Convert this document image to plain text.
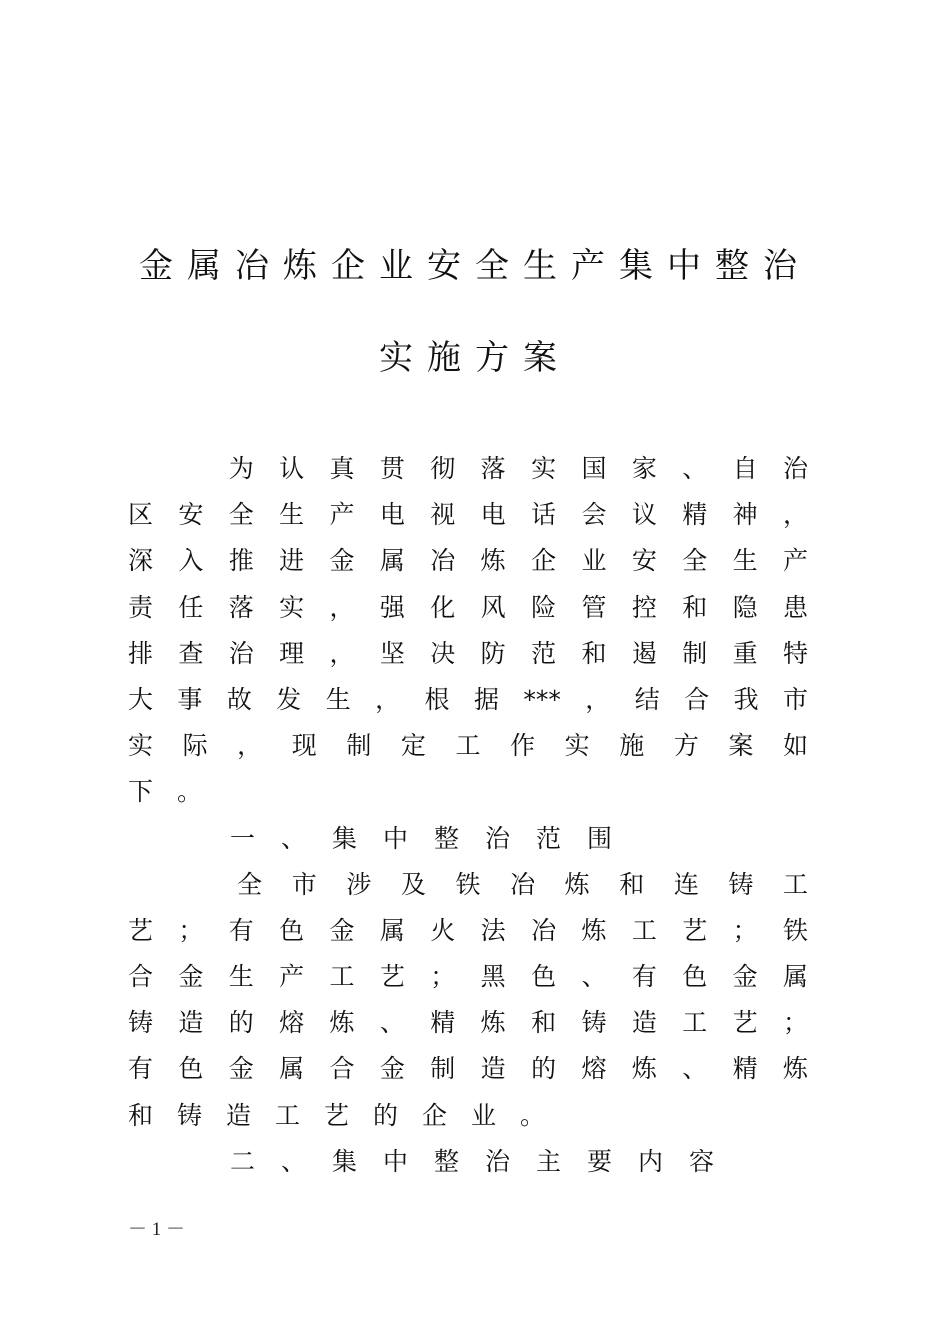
金属冶炼企业安全生产集中整治
实施方案
　　为认真贯彻落实国家、自治
区安全生产电视电话会议精神，
深入推进金属冶炼企业安全生产
责任落实，强化风险管控和隐患
排查治理，坚决防范和遏制重特
大事故发生，根据***，结合我市
实际，现制定工作实施方案如
下。
　　一、集中整治范围
　　全市涉及铁冶炼和连铸工
艺；有色金属火法冶炼工艺；铁
合金生产工艺；黑色、有色金属
铸造的熔炼、精炼和铸造工艺；
有色金属合金制造的熔炼、精炼
和铸造工艺的企业。
　　二、集中整治主要内容
－ 1 －
